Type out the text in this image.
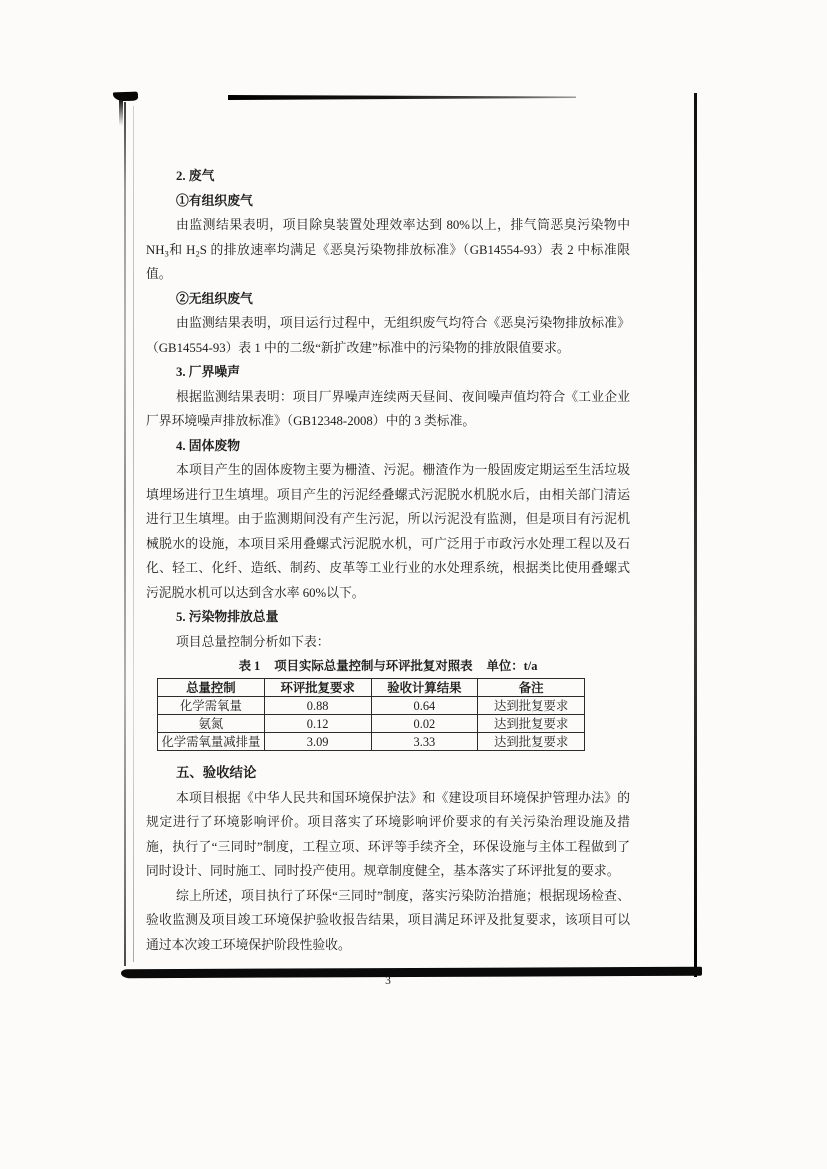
2. 废气

①有组织废气

由监测结果表明，项目除臭装置处理效率达到 80%以上，排气筒恶臭污染物中 $NH_3$和 $H_2S$ 的排放速率均满足《恶臭污染物排放标准》（GB14554-93）表 2 中标准限值。

②无组织废气

由监测结果表明，项目运行过程中，无组织废气均符合《恶臭污染物排放标准》（GB14554-93）表 1 中的二级“新扩改建”标准中的污染物的排放限值要求。

3. 厂界噪声

根据监测结果表明：项目厂界噪声连续两天昼间、夜间噪声值均符合《工业企业厂界环境噪声排放标准》（GB12348-2008）中的 3 类标准。

4. 固体废物

本项目产生的固体废物主要为栅渣、污泥。栅渣作为一般固废定期运至生活垃圾填埋场进行卫生填埋。项目产生的污泥经叠螺式污泥脱水机脱水后，由相关部门清运进行卫生填埋。由于监测期间没有产生污泥，所以污泥没有监测，但是项目有污泥机械脱水的设施，本项目采用叠螺式污泥脱水机，可广泛用于市政污水处理工程以及石化、轻工、化纤、造纸、制药、皮革等工业行业的水处理系统，根据类比使用叠螺式污泥脱水机可以达到含水率 60%以下。

5. 污染物排放总量

项目总量控制分析如下表：

表 1 项目实际总量控制与环评批复对照表 单位：t/a
总量控制	环评批复要求	验收计算结果	备注
化学需氧量	0.88	0.64	达到批复要求
氨氮	0.12	0.02	达到批复要求
化学需氧量减排量	3.09	3.33	达到批复要求

五、验收结论

本项目根据《中华人民共和国环境保护法》和《建设项目环境保护管理办法》的规定进行了环境影响评价。项目落实了环境影响评价要求的有关污染治理设施及措施，执行了“三同时”制度，工程立项、环评等手续齐全，环保设施与主体工程做到了同时设计、同时施工、同时投产使用。规章制度健全，基本落实了环评批复的要求。

综上所述，项目执行了环保“三同时”制度，落实污染防治措施；根据现场检查、验收监测及项目竣工环境保护验收报告结果，项目满足环评及批复要求，该项目可以通过本次竣工环境保护阶段性验收。

3
